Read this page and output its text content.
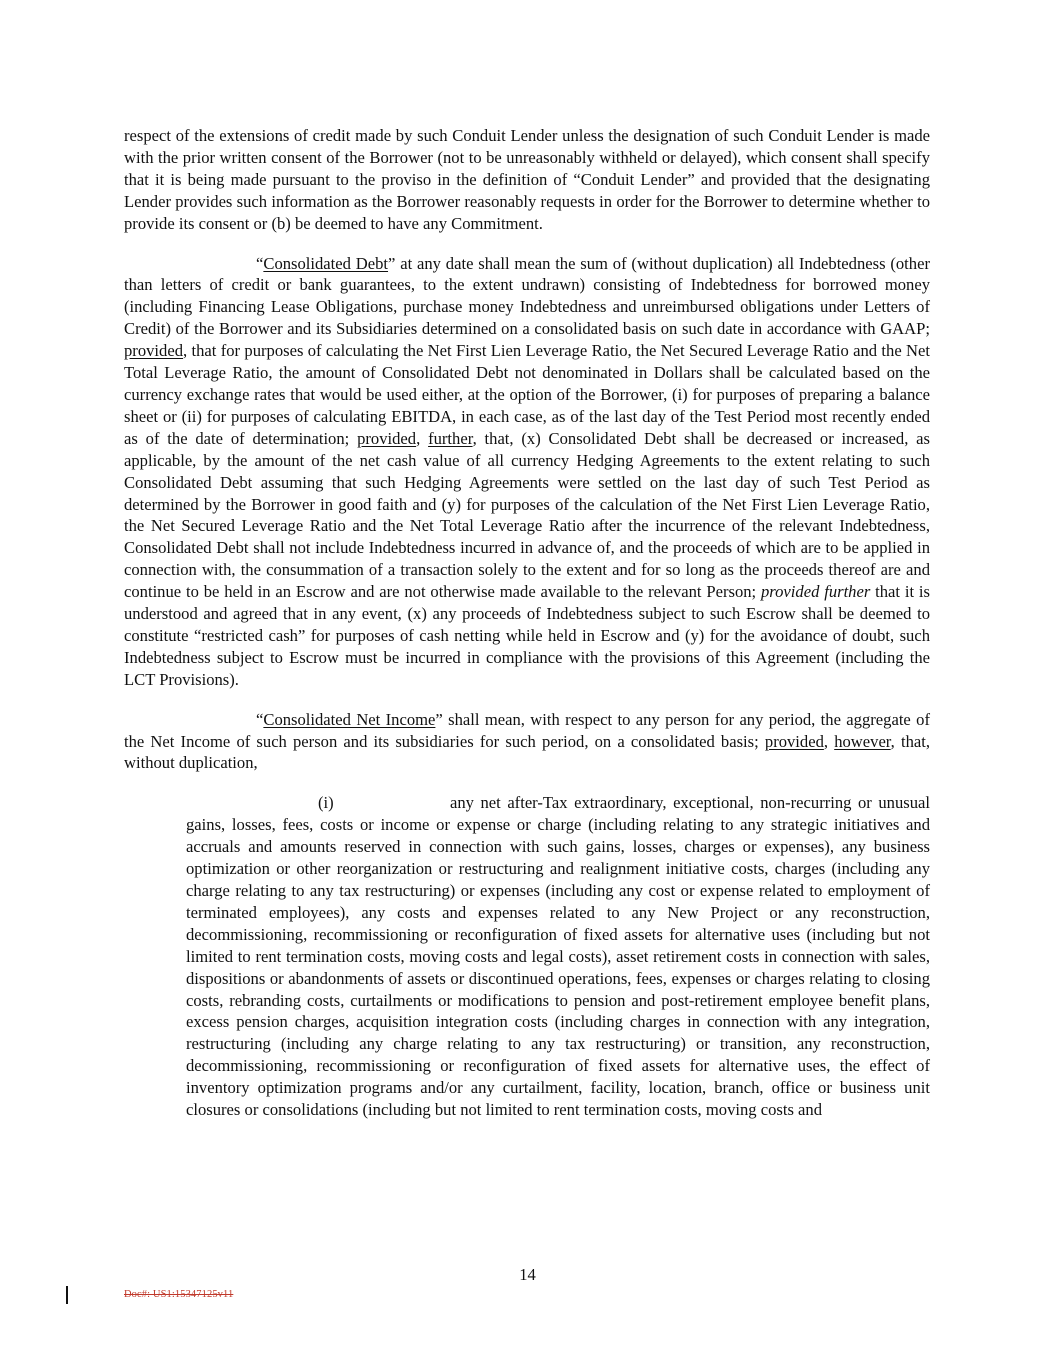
respect of the extensions of credit made by such Conduit Lender unless the designation of such Conduit Lender is made with the prior written consent of the Borrower (not to be unreasonably withheld or delayed), which consent shall specify that it is being made pursuant to the proviso in the definition of “Conduit Lender” and provided that the designating Lender provides such information as the Borrower reasonably requests in order for the Borrower to determine whether to provide its consent or (b) be deemed to have any Commitment.

“Consolidated Debt” at any date shall mean the sum of (without duplication) all Indebtedness (other than letters of credit or bank guarantees, to the extent undrawn) consisting of Indebtedness for borrowed money (including Financing Lease Obligations, purchase money Indebtedness and unreimbursed obligations under Letters of Credit) of the Borrower and its Subsidiaries determined on a consolidated basis on such date in accordance with GAAP; provided, that for purposes of calculating the Net First Lien Leverage Ratio, the Net Secured Leverage Ratio and the Net Total Leverage Ratio, the amount of Consolidated Debt not denominated in Dollars shall be calculated based on the currency exchange rates that would be used either, at the option of the Borrower, (i) for purposes of preparing a balance sheet or (ii) for purposes of calculating EBITDA, in each case, as of the last day of the Test Period most recently ended as of the date of determination; provided, further, that, (x) Consolidated Debt shall be decreased or increased, as applicable, by the amount of the net cash value of all currency Hedging Agreements to the extent relating to such Consolidated Debt assuming that such Hedging Agreements were settled on the last day of such Test Period as determined by the Borrower in good faith and (y) for purposes of the calculation of the Net First Lien Leverage Ratio, the Net Secured Leverage Ratio and the Net Total Leverage Ratio after the incurrence of the relevant Indebtedness, Consolidated Debt shall not include Indebtedness incurred in advance of, and the proceeds of which are to be applied in connection with, the consummation of a transaction solely to the extent and for so long as the proceeds thereof are and continue to be held in an Escrow and are not otherwise made available to the relevant Person; provided further that it is understood and agreed that in any event, (x) any proceeds of Indebtedness subject to such Escrow shall be deemed to constitute “restricted cash” for purposes of cash netting while held in Escrow and (y) for the avoidance of doubt, such Indebtedness subject to Escrow must be incurred in compliance with the provisions of this Agreement (including the LCT Provisions).

“Consolidated Net Income” shall mean, with respect to any person for any period, the aggregate of the Net Income of such person and its subsidiaries for such period, on a consolidated basis; provided, however, that, without duplication,

(i)	any net after-Tax extraordinary, exceptional, non-recurring or unusual gains, losses, fees, costs or income or expense or charge (including relating to any strategic initiatives and accruals and amounts reserved in connection with such gains, losses, charges or expenses), any business optimization or other reorganization or restructuring and realignment initiative costs, charges (including any charge relating to any tax restructuring) or expenses (including any cost or expense related to employment of terminated employees), any costs and expenses related to any New Project or any reconstruction, decommissioning, recommissioning or reconfiguration of fixed assets for alternative uses (including but not limited to rent termination costs, moving costs and legal costs), asset retirement costs in connection with sales, dispositions or abandonments of assets or discontinued operations, fees, expenses or charges relating to closing costs, rebranding costs, curtailments or modifications to pension and post-retirement employee benefit plans, excess pension charges, acquisition integration costs (including charges in connection with any integration, restructuring (including any charge relating to any tax restructuring) or transition, any reconstruction, decommissioning, recommissioning or reconfiguration of fixed assets for alternative uses, the effect of inventory optimization programs and/or any curtailment, facility, location, branch, office or business unit closures or consolidations (including but not limited to rent termination costs, moving costs and

14
Doc#: US1:15347125v11
